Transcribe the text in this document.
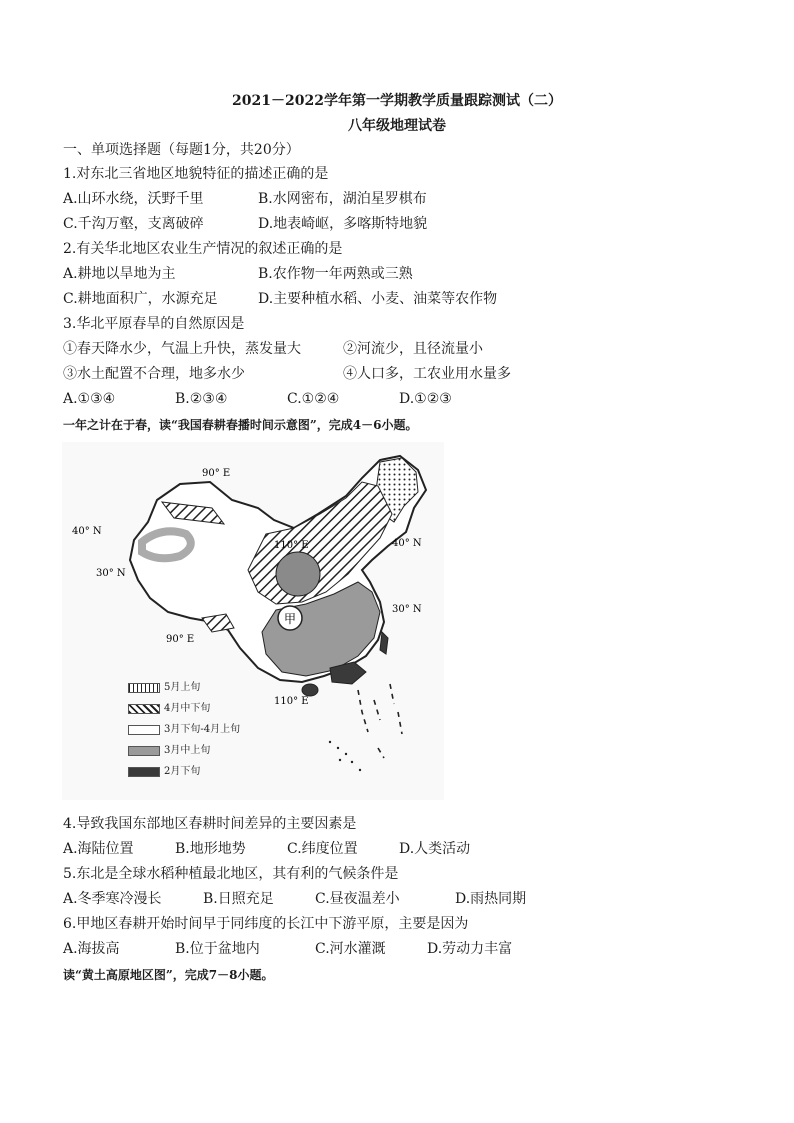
2021－2022学年第一学期教学质量跟踪测试（二）
八年级地理试卷
一、单项选择题（每题1分，共20分）
1.对东北三省地区地貌特征的描述正确的是
A.山环水绕，沃野千里	B.水网密布，湖泊星罗棋布
C.千沟万壑，支离破碎	D.地表崎岖，多喀斯特地貌
2.有关华北地区农业生产情况的叙述正确的是
A.耕地以旱地为主	B.农作物一年两熟或三熟
C.耕地面积广，水源充足	D.主要种植水稻、小麦、油菜等农作物
3.华北平原春旱的自然原因是
①春天降水少，气温上升快，蒸发量大	②河流少，且径流量小
③水土配置不合理，地多水少	④人口多，工农业用水量多
A.①③④	B.②③④	C.①②④	D.①②③
一年之计在于春，读“我国春耕春播时间示意图”，完成4－6小题。
甲
90° E
110° E
40° N
40° N
30° N
30° N
90° E
110° E
5月上旬
4月中下旬
3月下旬-4月上旬
3月中上旬
2月下旬
4.导致我国东部地区春耕时间差异的主要因素是
A.海陆位置	B.地形地势	C.纬度位置	D.人类活动
5.东北是全球水稻种植最北地区，其有利的气候条件是
A.冬季寒冷漫长	B.日照充足	C.昼夜温差小	D.雨热同期
6.甲地区春耕开始时间早于同纬度的长江中下游平原，主要是因为
A.海拔高	B.位于盆地内	C.河水灌溉	D.劳动力丰富
读“黄土高原地区图”，完成7－8小题。
